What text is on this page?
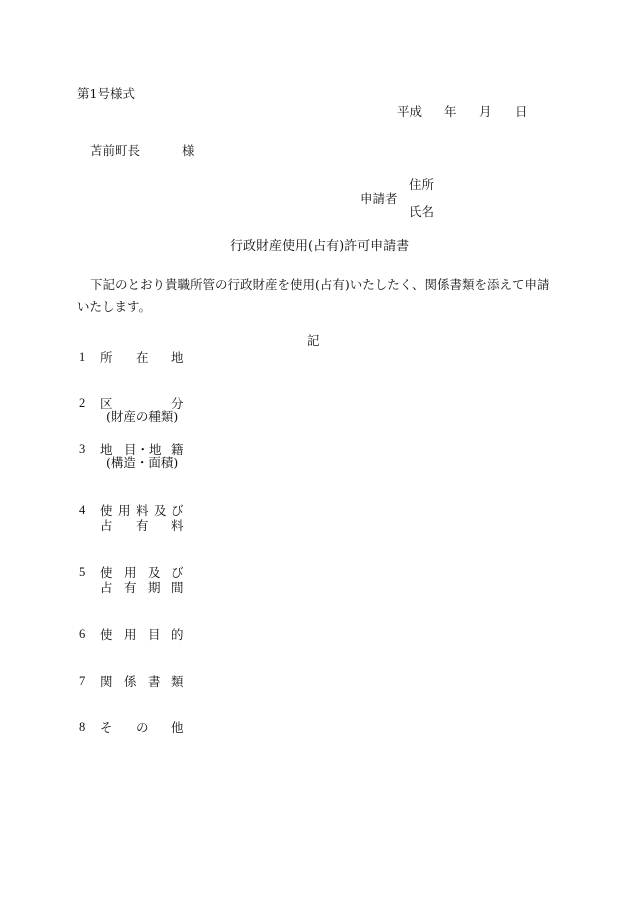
第1号様式
平成 年 月 日
苫前町長	様
住所
申請者
氏名
行政財産使用(占有)許可申請書
下記のとおり貴職所管の行政財産を使用(占有)いたしたく、関係書類を添えて申請いたします。
記
1 所 在 地
2 区	分
(財産の種類)
3 地 目・地 籍
(構造・面積)
4 使 用 料 及 び
占 有 料
5 使 用 及 び
占 有 期 間
6 使 用 目 的
7 関 係 書 類
8 そ の 他
